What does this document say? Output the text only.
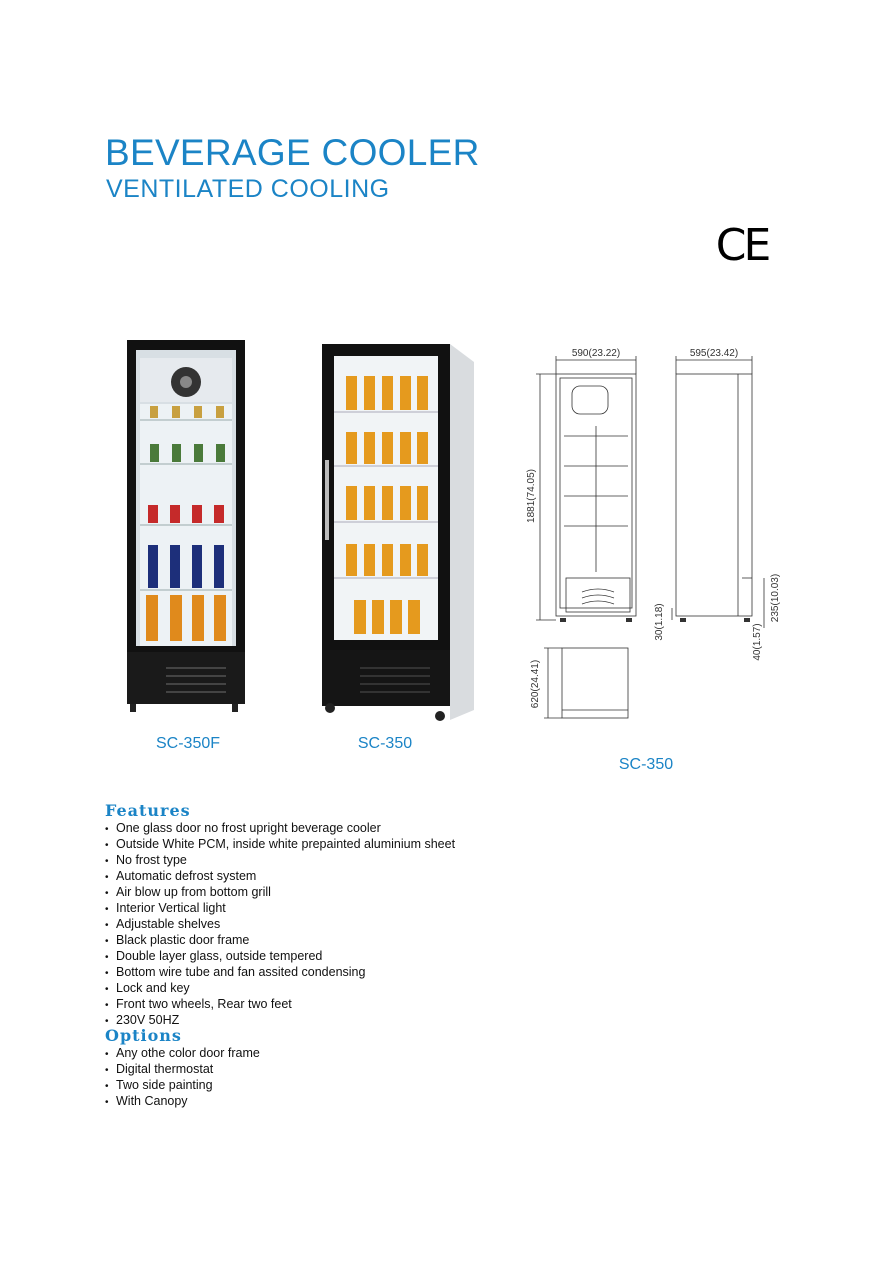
BEVERAGE COOLER
VENTILATED COOLING
CE
SC-350F	SC-350
590(23.22)	595(23.42)
1881(74.05)
30(1.18)	235(10.03)
40(1.57)
620(24.41)
SC-350
Features
• One glass door no frost upright beverage cooler
• Outside White PCM, inside white prepainted aluminium sheet
• No frost type
• Automatic defrost system
• Air blow up from bottom grill
• Interior Vertical light
• Adjustable shelves
• Black plastic door frame
• Double layer glass, outside tempered
• Bottom wire tube and fan assited condensing
• Lock and key
• Front two wheels, Rear two feet
• 230V 50HZ
Options
• Any othe color door frame
• Digital thermostat
• Two side painting
• With Canopy
